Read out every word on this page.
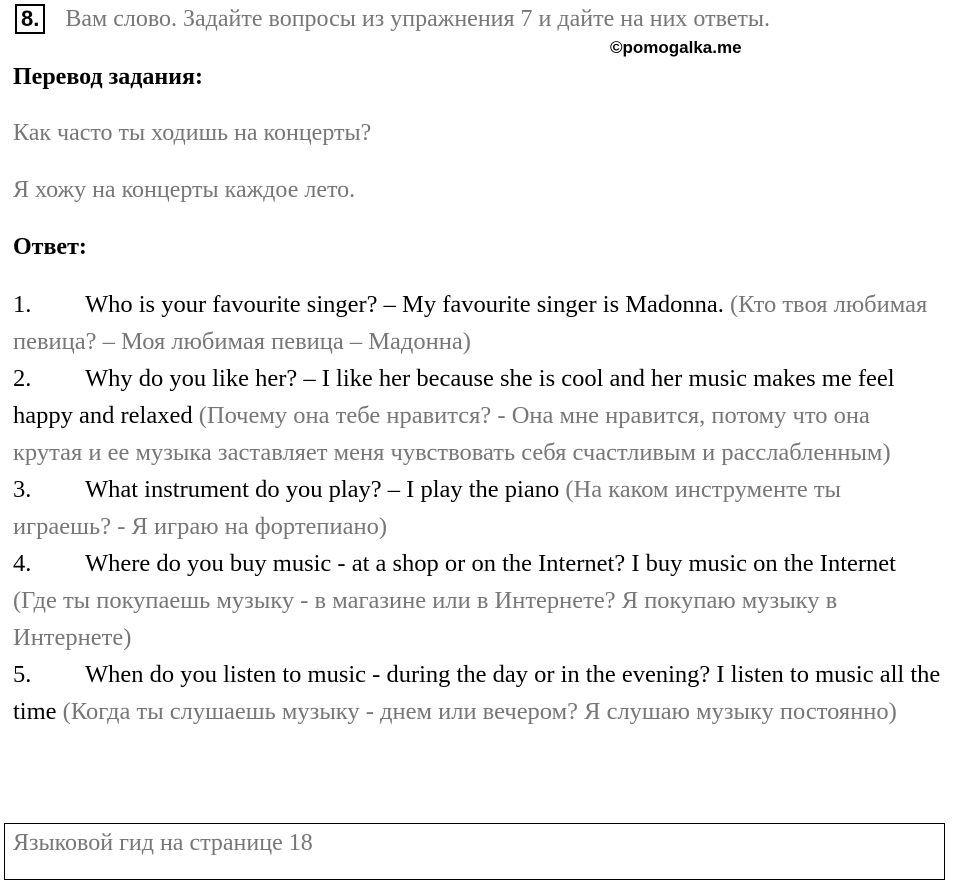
8. Вам слово. Задайте вопросы из упражнения 7 и дайте на них ответы.
©pomogalka.me
Перевод задания:
Как часто ты ходишь на концерты?
Я хожу на концерты каждое лето.
Ответ:

1. Who is your favourite singer? – My favourite singer is Madonna. (Кто твоя любимая певица? – Моя любимая певица – Мадонна)

2. Why do you like her? – I like her because she is cool and her music makes me feel happy and relaxed (Почему она тебе нравится? - Она мне нравится, потому что она крутая и ее музыка заставляет меня чувствовать себя счастливым и расслабленным)

3. What instrument do you play? – I play the piano (На каком инструменте ты играешь? - Я играю на фортепиано)

4. Where do you buy music - at a shop or on the Internet? I buy music on the Internet (Где ты покупаешь музыку - в магазине или в Интернете? Я покупаю музыку в Интернете)

5. When do you listen to music - during the day or in the evening? I listen to music all the time (Когда ты слушаешь музыку - днем или вечером? Я слушаю музыку постоянно)

Языковой гид на странице 18
